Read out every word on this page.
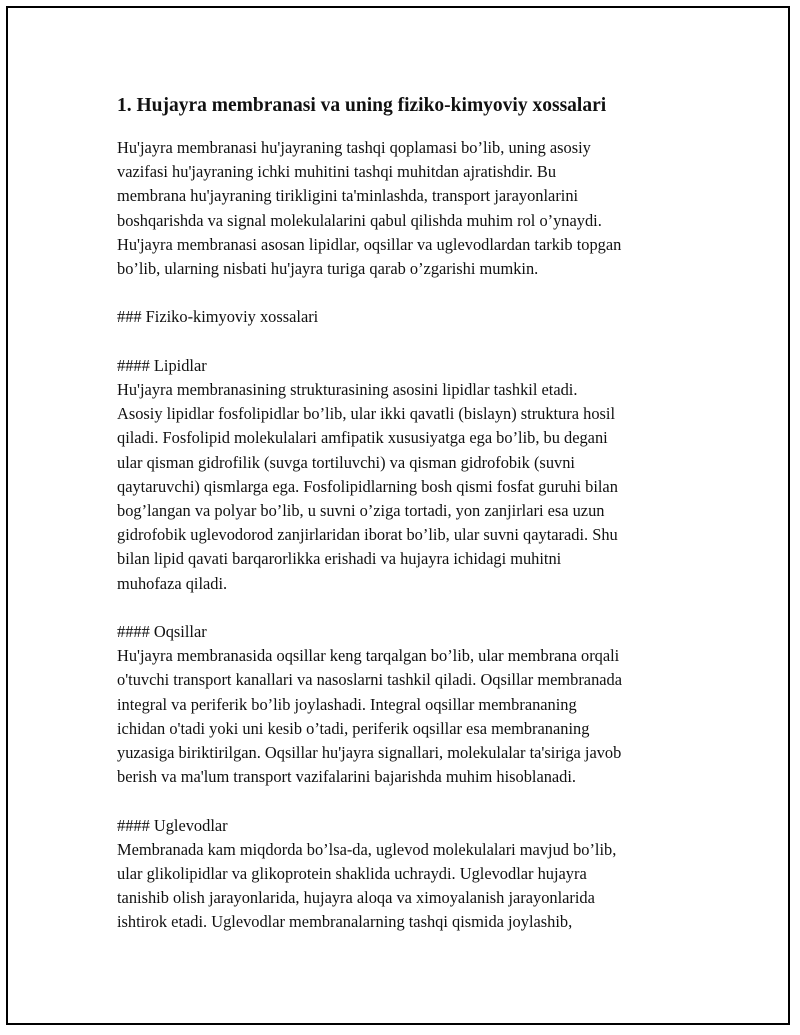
1. Hujayra membranasi va uning fiziko-kimyoviy xossalari
Hu'jayra membranasi hu'jayraning tashqi qoplamasi bo’lib, uning asosiy
vazifasi hu'jayraning ichki muhitini tashqi muhitdan ajratishdir. Bu
membrana hu'jayraning tirikligini ta'minlashda, transport jarayonlarini
boshqarishda va signal molekulalarini qabul qilishda muhim rol o’ynaydi.
Hu'jayra membranasi asosan lipidlar, oqsillar va uglevodlardan tarkib topgan
bo’lib, ularning nisbati hu'jayra turiga qarab o’zgarishi mumkin.

### Fiziko-kimyoviy xossalari

#### Lipidlar
Hu'jayra membranasining strukturasining asosini lipidlar tashkil etadi.
Asosiy lipidlar fosfolipidlar bo’lib, ular ikki qavatli (bislayn) struktura hosil
qiladi. Fosfolipid molekulalari amfipatik xususiyatga ega bo’lib, bu degani
ular qisman gidrofilik (suvga tortiluvchi) va qisman gidrofobik (suvni
qaytaruvchi) qismlarga ega. Fosfolipidlarning bosh qismi fosfat guruhi bilan
bog’langan va polyar bo’lib, u suvni o’ziga tortadi, yon zanjirlari esa uzun
gidrofobik uglevodorod zanjirlaridan iborat bo’lib, ular suvni qaytaradi. Shu
bilan lipid qavati barqarorlikka erishadi va hujayra ichidagi muhitni
muhofaza qiladi.
#### Oqsillar
Hu'jayra membranasida oqsillar keng tarqalgan bo’lib, ular membrana orqali
o'tuvchi transport kanallari va nasoslarni tashkil qiladi. Oqsillar membranada
integral va periferik bo’lib joylashadi. Integral oqsillar membrananing
ichidan o'tadi yoki uni kesib o’tadi, periferik oqsillar esa membrananing
yuzasiga biriktirilgan. Oqsillar hu'jayra signallari, molekulalar ta'siriga javob
berish va ma'lum transport vazifalarini bajarishda muhim hisoblanadi.
#### Uglevodlar
Membranada kam miqdorda bo’lsa-da, uglevod molekulalari mavjud bo’lib,
ular glikolipidlar va glikoprotein shaklida uchraydi. Uglevodlar hujayra
tanishib olish jarayonlarida, hujayra aloqa va ximoyalanish jarayonlarida
ishtirok etadi. Uglevodlar membranalarning tashqi qismida joylashib,
